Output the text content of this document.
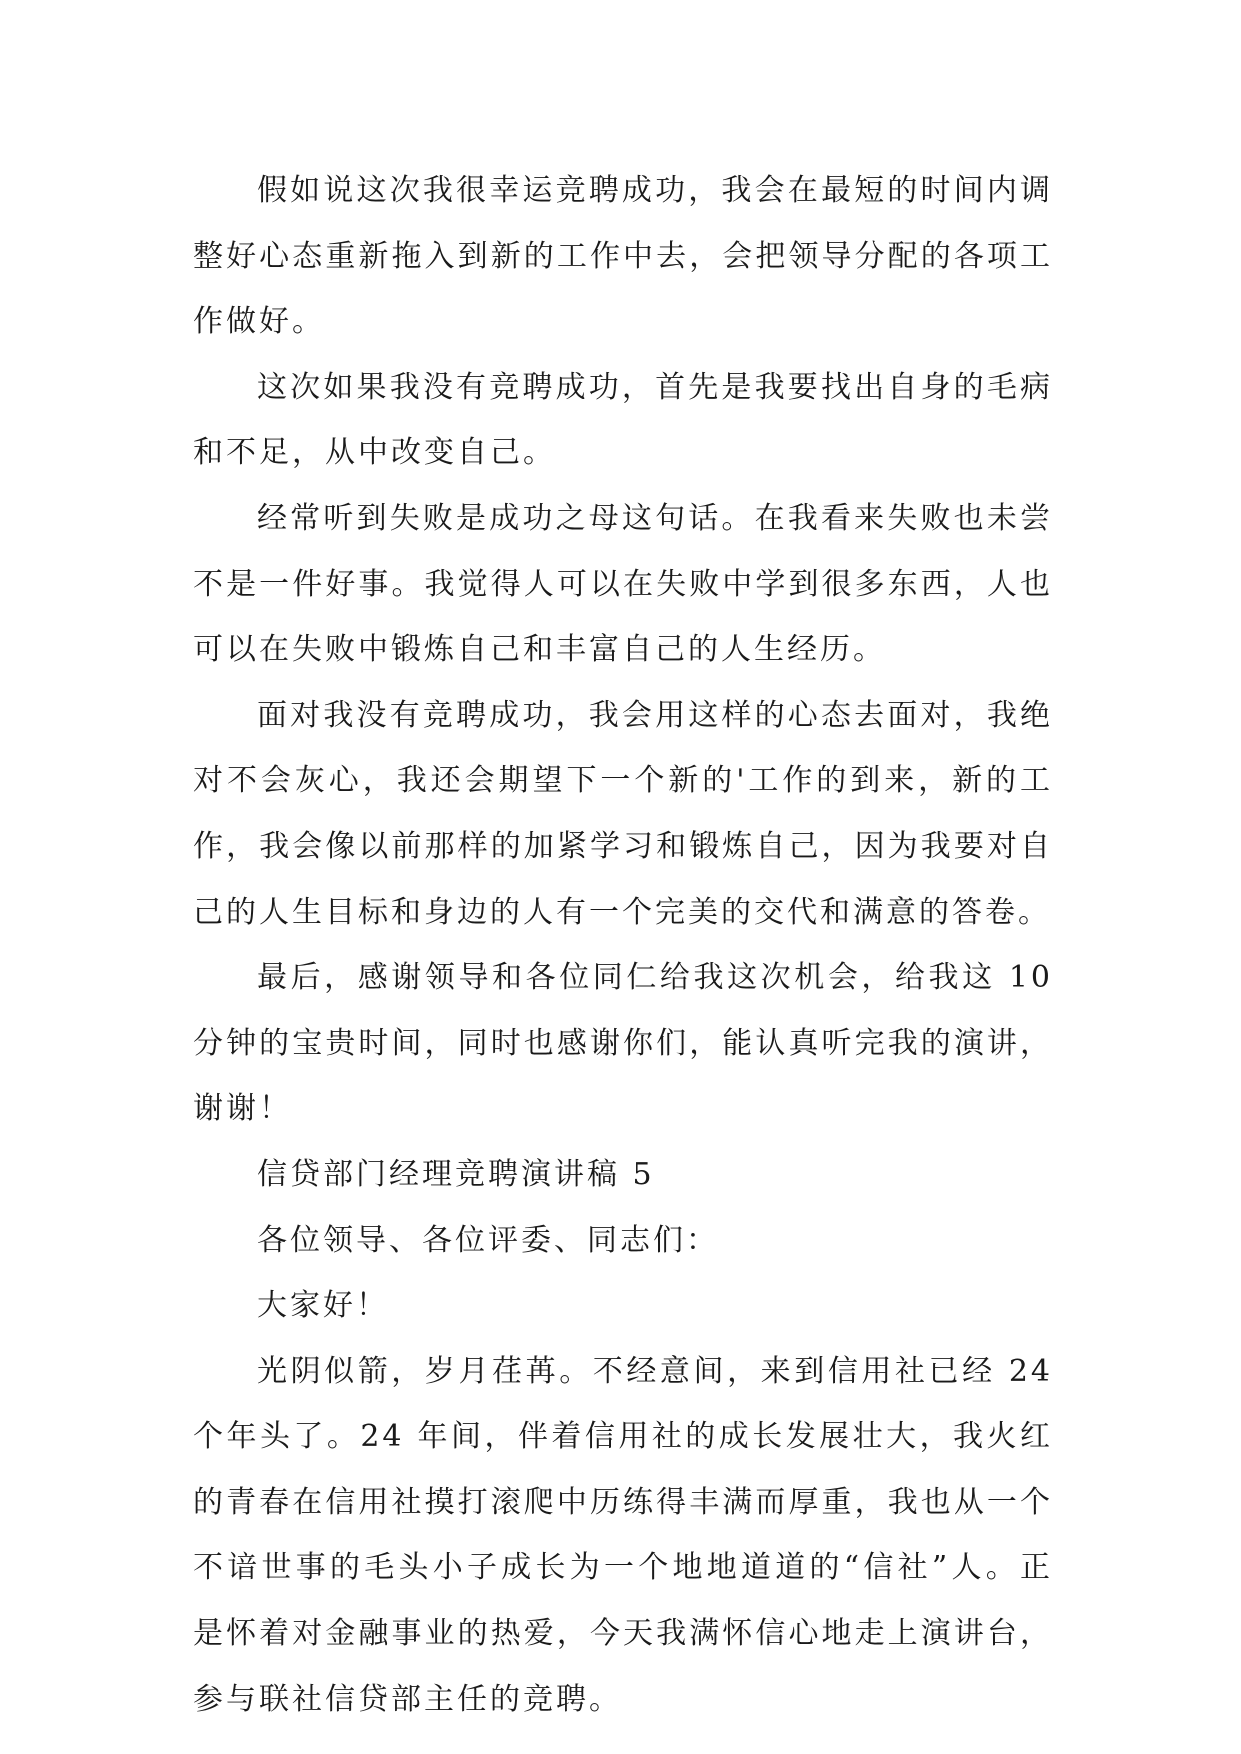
假如说这次我很幸运竞聘成功，我会在最短的时间内调整好心态重新拖入到新的工作中去，会把领导分配的各项工作做好。

这次如果我没有竞聘成功，首先是我要找出自身的毛病和不足，从中改变自己。

经常听到失败是成功之母这句话。在我看来失败也未尝不是一件好事。我觉得人可以在失败中学到很多东西，人也可以在失败中锻炼自己和丰富自己的人生经历。

面对我没有竞聘成功，我会用这样的心态去面对，我绝对不会灰心，我还会期望下一个新的'工作的到来，新的工作，我会像以前那样的加紧学习和锻炼自己，因为我要对自己的人生目标和身边的人有一个完美的交代和满意的答卷。

最后，感谢领导和各位同仁给我这次机会，给我这 10 分钟的宝贵时间，同时也感谢你们，能认真听完我的演讲，谢谢！

信贷部门经理竞聘演讲稿 5

各位领导、各位评委、同志们：

大家好！

光阴似箭，岁月荏苒。不经意间，来到信用社已经 24 个年头了。24 年间，伴着信用社的成长发展壮大，我火红的青春在信用社摸打滚爬中历练得丰满而厚重，我也从一个不谙世事的毛头小子成长为一个地地道道的“信社”人。正是怀着对金融事业的热爱，今天我满怀信心地走上演讲台，参与联社信贷部主任的竞聘。
